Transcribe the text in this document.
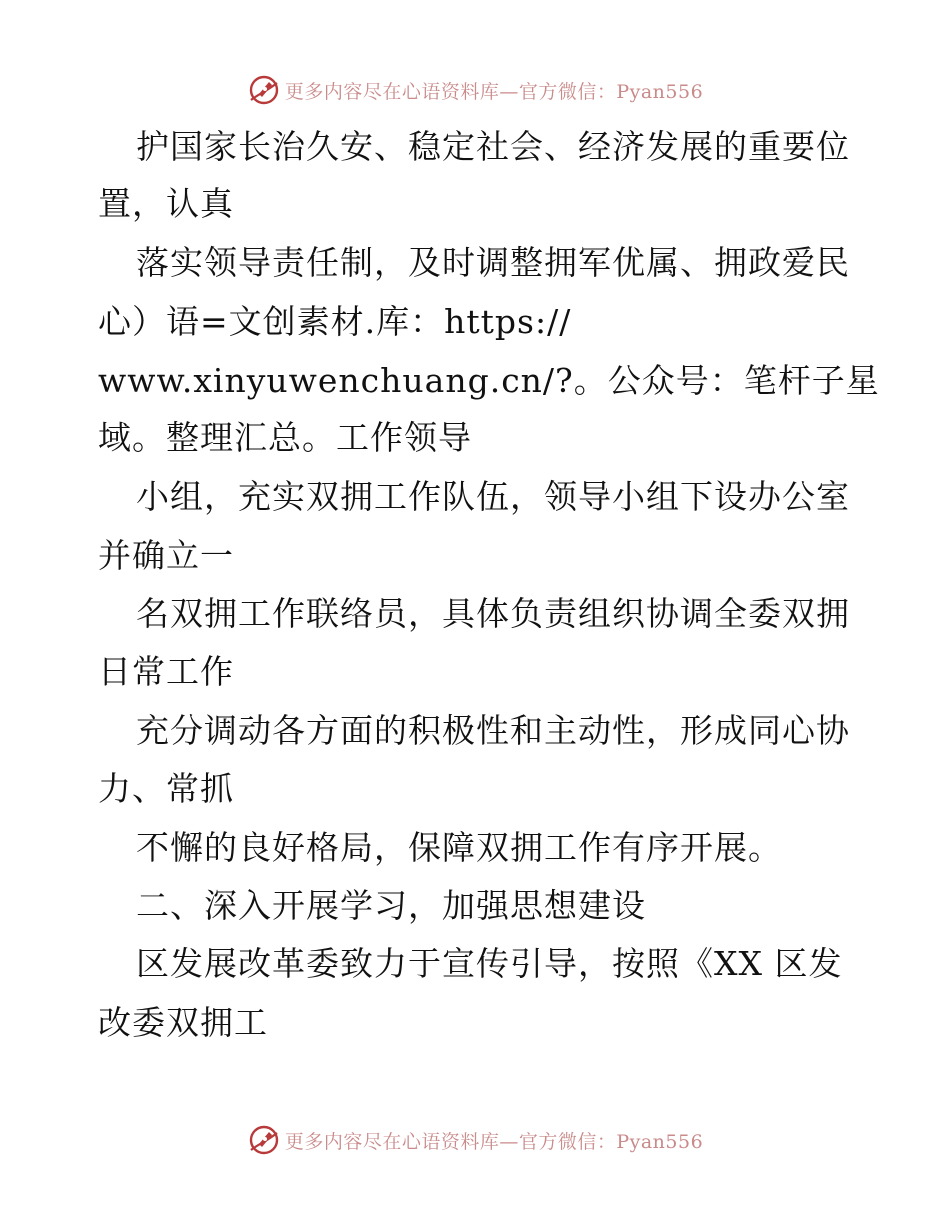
更多内容尽在心语资料库—官方微信：Pyan556
护国家长治久安、稳定社会、经济发展的重要位
置，认真
落实领导责任制，及时调整拥军优属、拥政爱民
心）语=文创素材.库：https://
www.xinyuwenchuang.cn/?。公众号：笔杆子星
域。整理汇总。工作领导
小组，充实双拥工作队伍，领导小组下设办公室
并确立一
名双拥工作联络员，具体负责组织协调全委双拥
日常工作
充分调动各方面的积极性和主动性，形成同心协
力、常抓
不懈的良好格局，保障双拥工作有序开展。
二、深入开展学习，加强思想建设
区发展改革委致力于宣传引导，按照《XX 区发
改委双拥工
更多内容尽在心语资料库—官方微信：Pyan556
